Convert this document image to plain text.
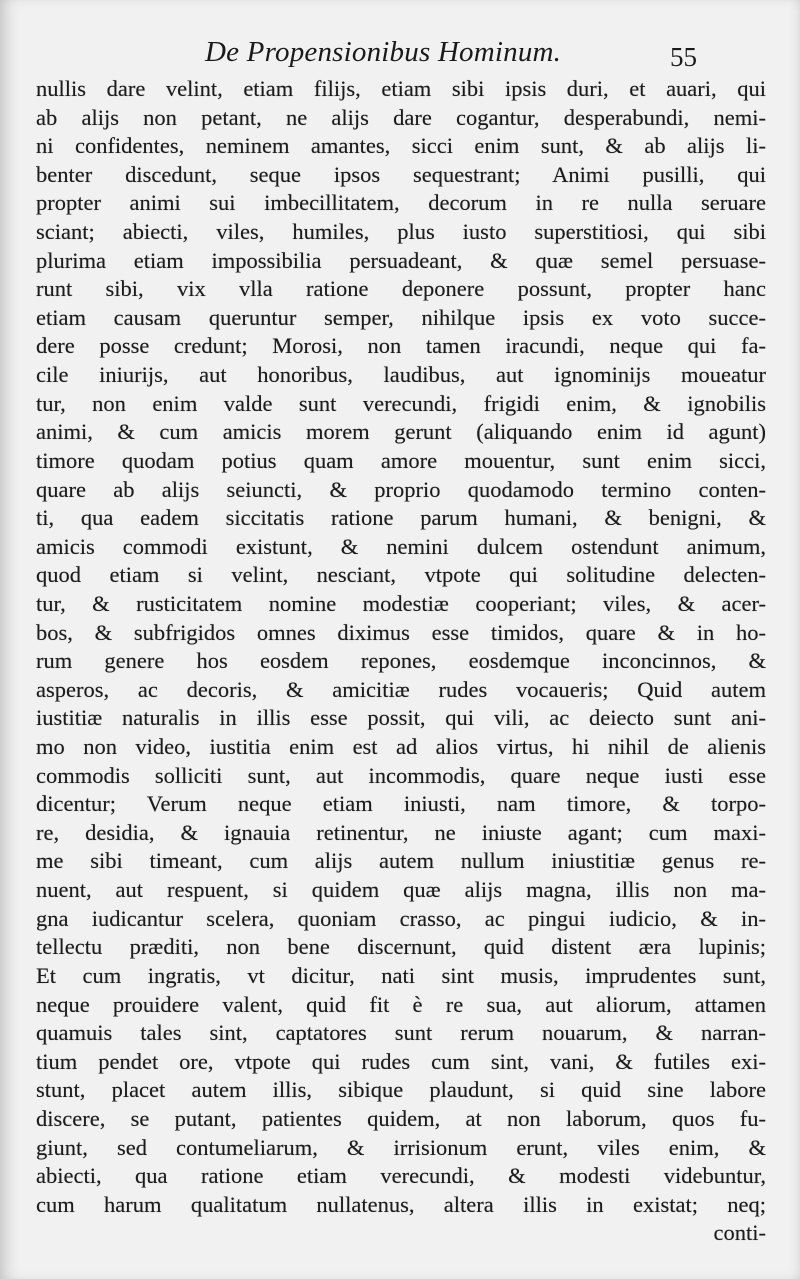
De Propensionibus Hominum.	55
nullis dare velint, etiam filijs, etiam sibi ipsis duri, et auari, qui
ab alijs non petant, ne alijs dare cogantur, desperabundi, nemi-
ni confidentes, neminem amantes, sicci enim sunt, & ab alijs li-
benter discedunt, seque ipsos sequestrant; Animi pusilli, qui
propter animi sui imbecillitatem, decorum in re nulla seruare
sciant; abiecti, viles, humiles, plus iusto superstitiosi, qui sibi
plurima etiam impossibilia persuadeant, & quæ semel persuase-
runt sibi, vix vlla ratione deponere possunt, propter hanc
etiam causam queruntur semper, nihilque ipsis ex voto succe-
dere posse credunt; Morosi, non tamen iracundi, neque qui fa-
cile iniurijs, aut honoribus, laudibus, aut ignominijs moueatur
tur, non enim valde sunt verecundi, frigidi enim, & ignobilis
animi, & cum amicis morem gerunt (aliquando enim id agunt)
timore quodam potius quam amore mouentur, sunt enim sicci,
quare ab alijs seiuncti, & proprio quodamodo termino conten-
ti, qua eadem siccitatis ratione parum humani, & benigni, &
amicis commodi existunt, & nemini dulcem ostendunt animum,
quod etiam si velint, nesciant, vtpote qui solitudine delecten-
tur, & rusticitatem nomine modestiæ cooperiant; viles, & acer-
bos, & subfrigidos omnes diximus esse timidos, quare & in ho-
rum genere hos eosdem repones, eosdemque inconcinnos, &
asperos, ac decoris, & amicitiæ rudes vocaueris; Quid autem
iustitiæ naturalis in illis esse possit, qui vili, ac deiecto sunt ani-
mo non video, iustitia enim est ad alios virtus, hi nihil de alienis
commodis solliciti sunt, aut incommodis, quare neque iusti esse
dicentur; Verum neque etiam iniusti, nam timore, & torpo-
re, desidia, & ignauia retinentur, ne iniuste agant; cum maxi-
me sibi timeant, cum alijs autem nullum iniustitiæ genus re-
nuent, aut respuent, si quidem quæ alijs magna, illis non ma-
gna iudicantur scelera, quoniam crasso, ac pingui iudicio, & in-
tellectu præditi, non bene discernunt, quid distent æra lupinis;
Et cum ingratis, vt dicitur, nati sint musis, imprudentes sunt,
neque prouidere valent, quid fit è re sua, aut aliorum, attamen
quamuis tales sint, captatores sunt rerum nouarum, & narran-
tium pendet ore, vtpote qui rudes cum sint, vani, & futiles exi-
stunt, placet autem illis, sibique plaudunt, si quid sine labore
discere, se putant, patientes quidem, at non laborum, quos fu-
giunt, sed contumeliarum, & irrisionum erunt, viles enim, &
abiecti, qua ratione etiam verecundi, & modesti videbuntur,
cum harum qualitatum nullatenus, altera illis in existat; neq;
conti-
